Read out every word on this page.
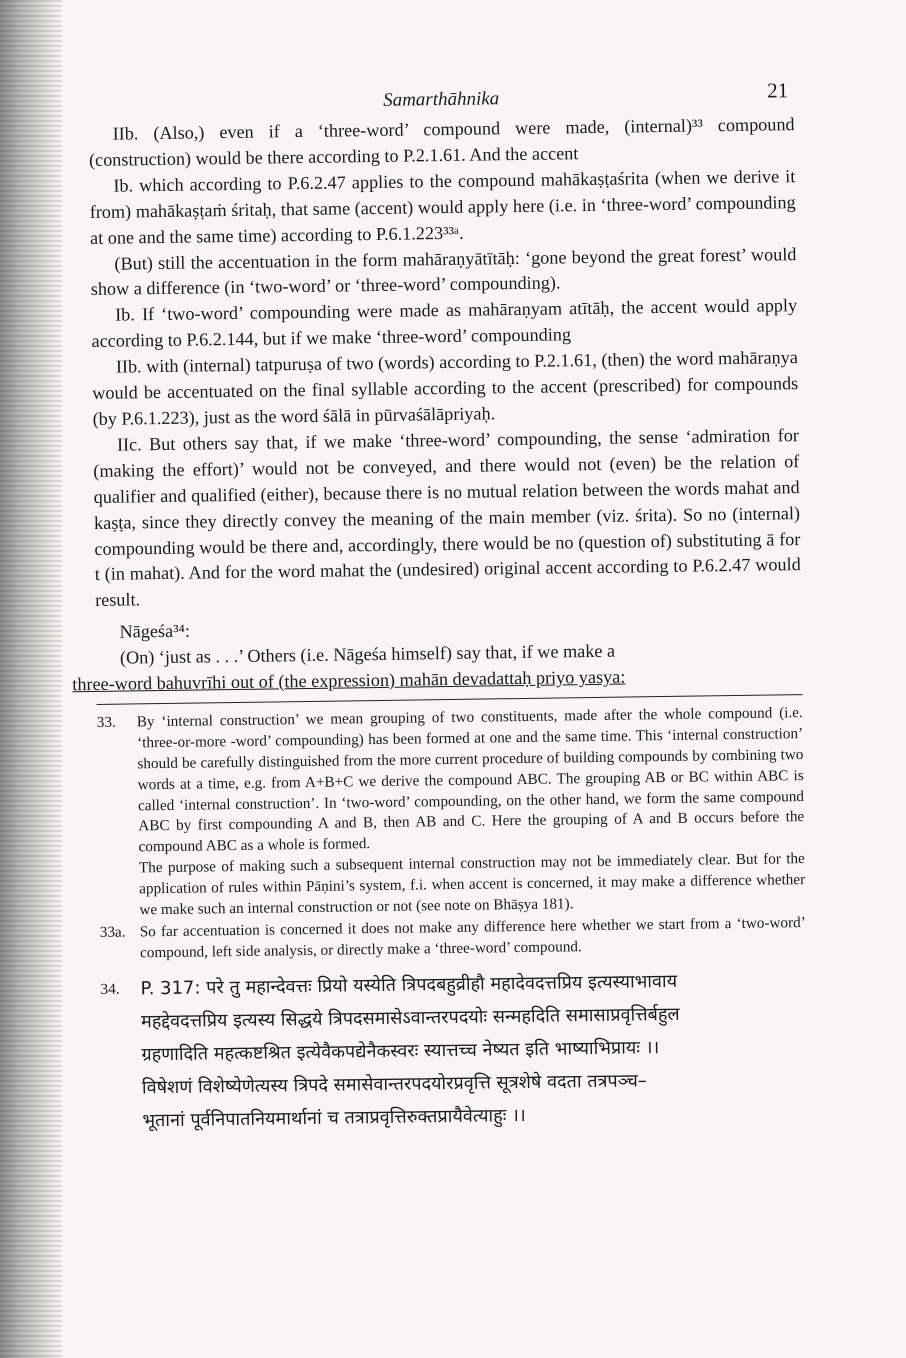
Samarthāhnika	21

IIb. (Also,) even if a ‘three-word’ compound were made, (internal)³³ compound (construction) would be there according to P.2.1.61. And the accent

Ib. which according to P.6.2.47 applies to the compound mahākaṣṭaśrita (when we derive it from) mahākaṣṭaṁ śritaḥ, that same (accent) would apply here (i.e. in ‘three-word’ compounding at one and the same time) according to P.6.1.223³³ᵃ.

(But) still the accentuation in the form mahāraṇyātītāḥ: ‘gone beyond the great forest’ would show a difference (in ‘two-word’ or ‘three-word’ compounding).

Ib. If ‘two-word’ compounding were made as mahāraṇyam atītāḥ, the accent would apply according to P.6.2.144, but if we make ‘three-word’ compounding

IIb. with (internal) tatpuruṣa of two (words) according to P.2.1.61, (then) the word mahāraṇya would be accentuated on the final syllable according to the accent (prescribed) for compounds (by P.6.1.223), just as the word śālā in pūrvaśālāpriyaḥ.

IIc. But others say that, if we make ‘three-word’ compounding, the sense ‘admiration for (making the effort)’ would not be conveyed, and there would not (even) be the relation of qualifier and qualified (either), because there is no mutual relation between the words mahat and kaṣṭa, since they directly convey the meaning of the main member (viz. śrita). So no (internal) compounding would be there and, accordingly, there would be no (question of) substituting ā for t (in mahat). And for the word mahat the (undesired) original accent according to P.6.2.47 would result.

Nāgeśa³⁴:

(On) ‘just as . . .’ Others (i.e. Nāgeśa himself) say that, if we make a
three-word bahuvrīhi out of (the expression) mahān devadattaḥ priyo yasya:

33.	By ‘internal construction’ we mean grouping of two constituents, made after the whole compound (i.e. ‘three-or-more -word’ compounding) has been formed at one and the same time. This ‘internal construction’ should be carefully distinguished from the more current procedure of building compounds by combining two words at a time, e.g. from A+B+C we derive the compound ABC. The grouping AB or BC within ABC is called ‘internal construction’. In ‘two-word’ compounding, on the other hand, we form the same compound ABC by first compounding A and B, then AB and C. Here the grouping of A and B occurs before the compound ABC as a whole is formed.

The purpose of making such a subsequent internal construction may not be immediately clear. But for the application of rules within Pāṇini’s system, f.i. when accent is concerned, it may make a difference whether we make such an internal construction or not (see note on Bhāṣya 181).

33a. So far accentuation is concerned it does not make any difference here whether we start from a ‘two-word’ compound, left side analysis, or directly make a ‘three-word’ compound.

34.	P. 317: परे तु महान्देवत्तः प्रियो यस्येति त्रिपदबहुव्रीहौ महादेवदत्तप्रिय इत्यस्याभावाय
महद्देवदत्तप्रिय इत्यस्य सिद्धये त्रिपदसमासेऽवान्तरपदयोः सन्महदिति समासाप्रवृत्तिर्बहुल
ग्रहणादिति महत्कष्टश्रित इत्येवैकपद्येनैकस्वरः स्यात्तच्च नेष्यत इति भाष्याभिप्रायः ।।
विषेशणं विशेष्येणेत्यस्य त्रिपदे समासेवान्तरपदयोरप्रवृत्ति सूत्रशेषे वदता तत्रपञ्च–
भूतानां पूर्वनिपातनियमार्थानां च तत्राप्रवृत्तिरुक्तप्रायैवेत्याहुः ।।
